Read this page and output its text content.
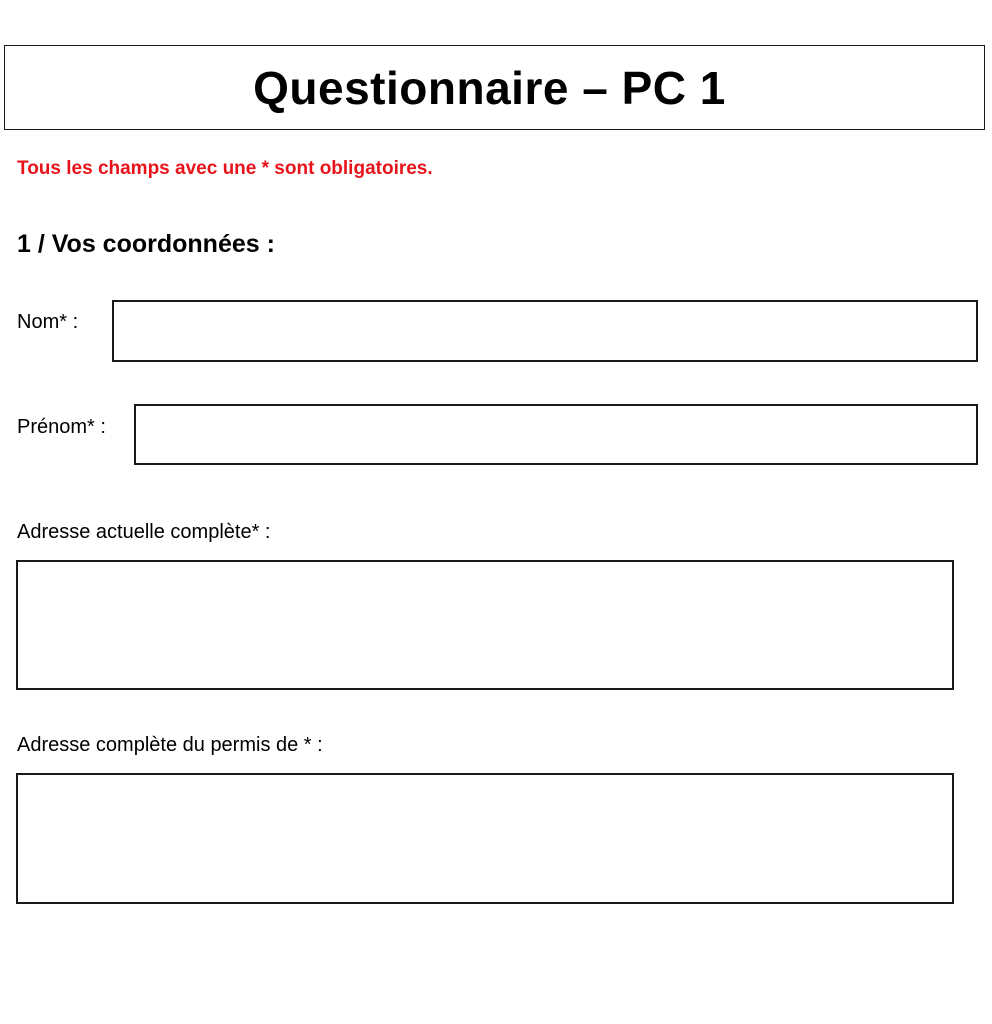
Questionnaire – PC 1
Tous les champs avec une * sont obligatoires.
1 / Vos coordonnées :
Nom* :
Prénom* :
Adresse actuelle complète* :
Adresse complète du permis de * :
